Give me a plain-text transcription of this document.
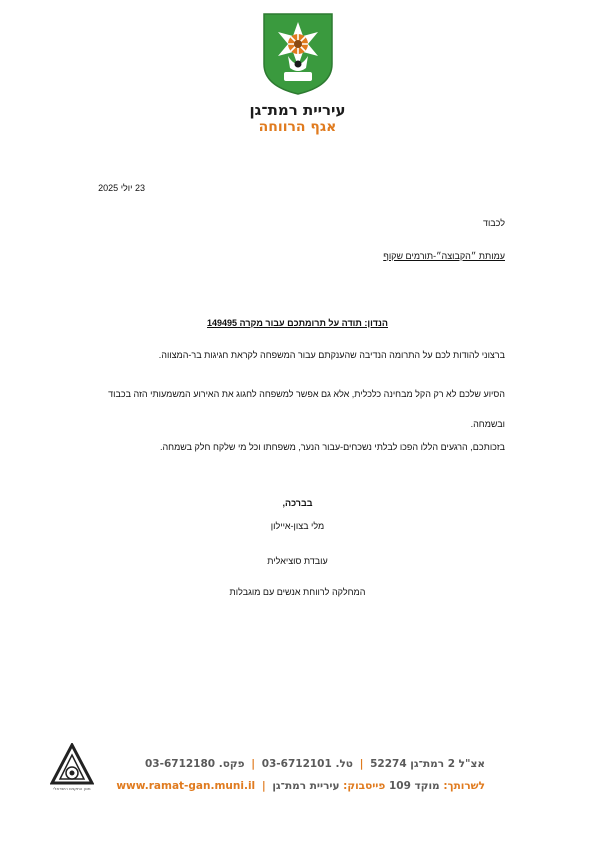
עיריית רמת־גן
אגף הרווחה
23 יולי 2025
לכבוד
עמותת ״הקבוצה״-תורמים שקוף
הנדון: תודה על תרומתכם עבור מקרה 149495
ברצוני להודות לכם על התרומה הנדיבה שהענקתם עבור המשפחה לקראת חגיגות בר-המצווה.
הסיוע שלכם לא רק הקל מבחינה כלכלית, אלא גם אפשר למשפחה לחגוג את האירוע המשמעותי הזה בכבוד ובשמחה.
בזכותכם, הרגעים הללו הפכו לבלתי נשכחים-עבור הנער, משפחתו וכל מי שלקח חלק בשמחה.
בברכה,
מלי בצון-איילון
עובדת סוציאלית
המחלקה לרווחת אנשים עם מוגבלות
מכון התקנים הישראלי
אצ"ל 2 רמת־גן 52274 | טל. 03-6712101 | פקס. 03-6712180
לשרותך: מוקד 109 פייסבוק: עיריית רמת־גן | www.ramat-gan.muni.il
